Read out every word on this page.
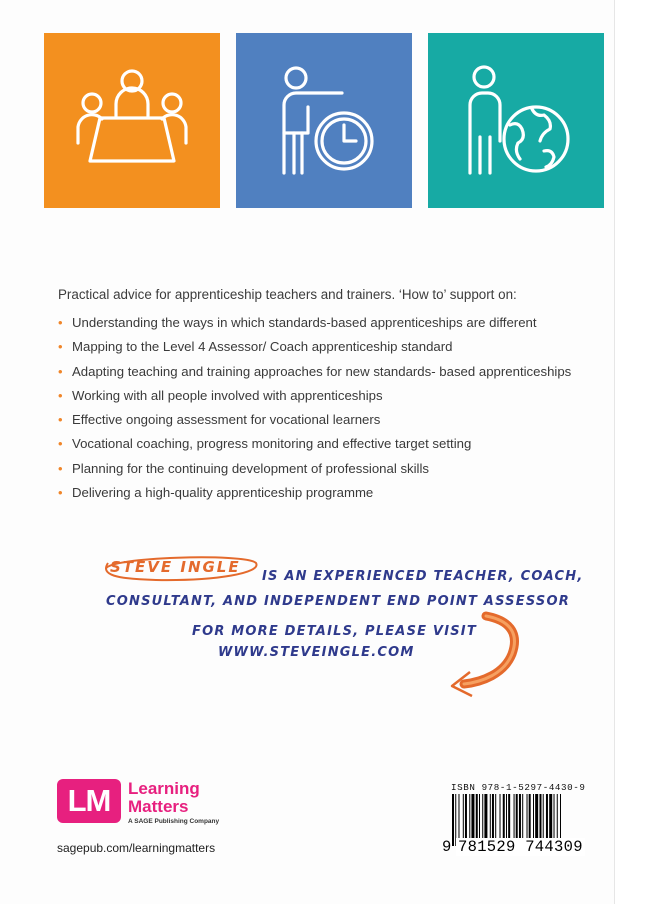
Practical advice for apprenticeship teachers and trainers. ‘How to’ support on:
• Understanding the ways in which standards-based apprenticeships are different
• Mapping to the Level 4 Assessor/ Coach apprenticeship standard
• Adapting teaching and training approaches for new standards- based apprenticeships
• Working with all people involved with apprenticeships
• Effective ongoing assessment for vocational learners
• Vocational coaching, progress monitoring and effective target setting
• Planning for the continuing development of professional skills
• Delivering a high-quality apprenticeship programme
STEVE INGLE
IS AN EXPERIENCED TEACHER, COACH,
CONSULTANT, AND INDEPENDENT END POINT ASSESSOR
FOR MORE DETAILS, PLEASE VISIT
WWW.STEVEINGLE.COM
LM	Learning
Matters
A SAGE Publishing Company
sagepub.com/learningmatters
ISBN 978-1-5297-4430-9
9 781529 744309
